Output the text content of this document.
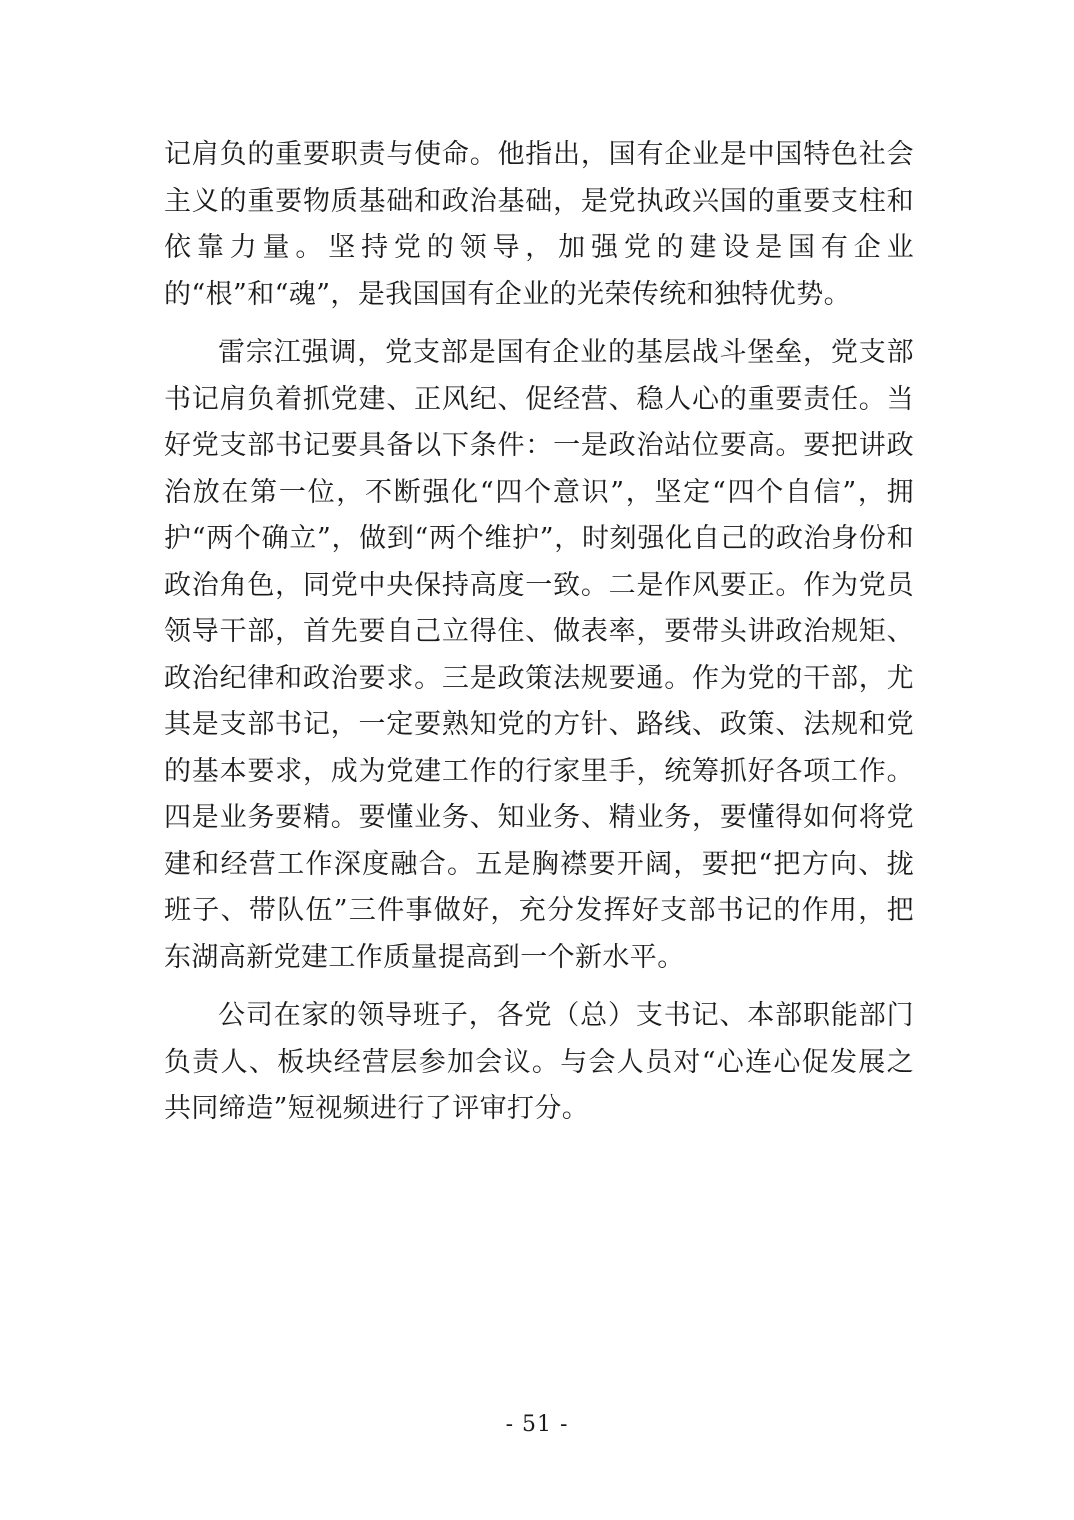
记肩负的重要职责与使命。他指出，国有企业是中国特色社会主义的重要物质基础和政治基础，是党执政兴国的重要支柱和依靠力量。坚持党的领导，加强党的建设是国有企业的“根”和“魂”，是我国国有企业的光荣传统和独特优势。

雷宗江强调，党支部是国有企业的基层战斗堡垒，党支部书记肩负着抓党建、正风纪、促经营、稳人心的重要责任。当好党支部书记要具备以下条件：一是政治站位要高。要把讲政治放在第一位，不断强化“四个意识”，坚定“四个自信”，拥护“两个确立”，做到“两个维护”，时刻强化自己的政治身份和政治角色，同党中央保持高度一致。二是作风要正。作为党员领导干部，首先要自己立得住、做表率，要带头讲政治规矩、政治纪律和政治要求。三是政策法规要通。作为党的干部，尤其是支部书记，一定要熟知党的方针、路线、政策、法规和党的基本要求，成为党建工作的行家里手，统筹抓好各项工作。四是业务要精。要懂业务、知业务、精业务，要懂得如何将党建和经营工作深度融合。五是胸襟要开阔，要把“把方向、拢班子、带队伍”三件事做好，充分发挥好支部书记的作用，把东湖高新党建工作质量提高到一个新水平。

公司在家的领导班子，各党（总）支书记、本部职能部门负责人、板块经营层参加会议。与会人员对“心连心促发展之共同缔造”短视频进行了评审打分。

- 51 -
